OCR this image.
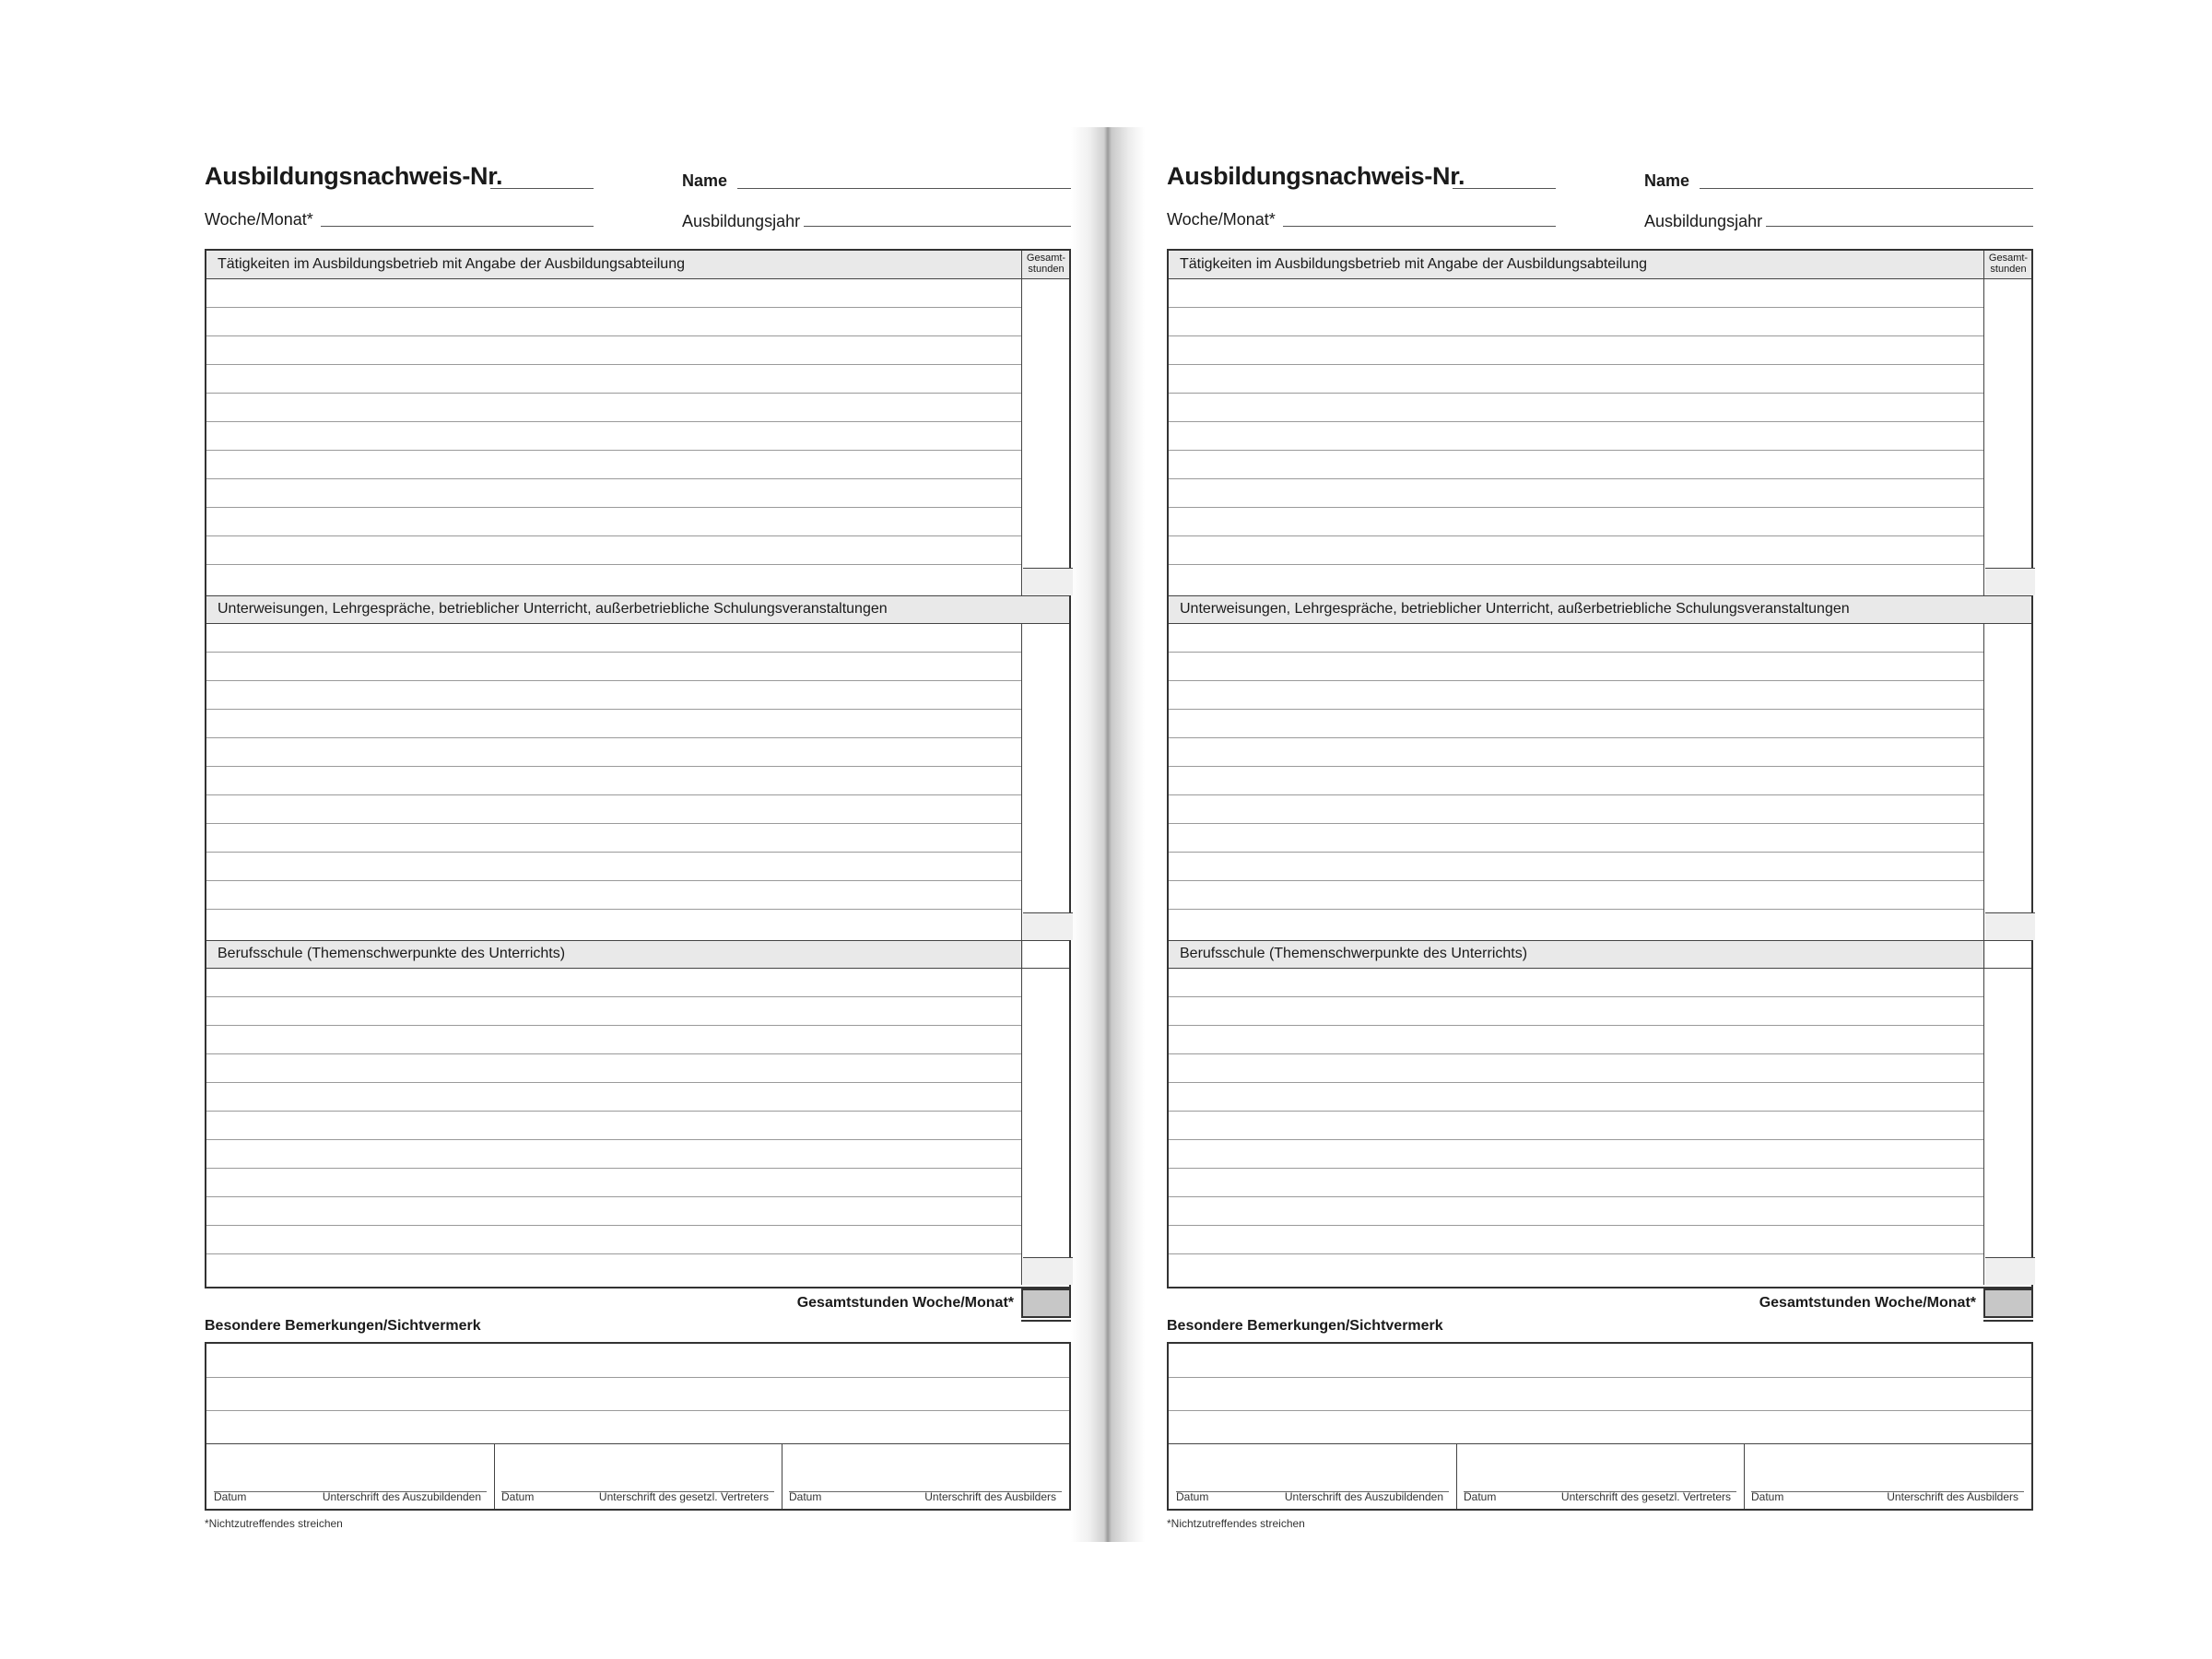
Ausbildungsnachweis-Nr.	Name
Woche/Monat*	Ausbildungsjahr
Tätigkeiten im Ausbildungsbetrieb mit Angabe der Ausbildungsabteilung	Gesamt-
stunden
Unterweisungen, Lehrgespräche, betrieblicher Unterricht, außerbetriebliche Schulungsveranstaltungen
Berufsschule (Themenschwerpunkte des Unterrichts)
Gesamtstunden Woche/Monat*
Besondere Bemerkungen/Sichtvermerk
Datum	Unterschrift des Auszubildenden Datum	Unterschrift des gesetzl. Vertreters Datum	Unterschrift des Ausbilders
*Nichtzutreffendes streichen
Ausbildungsnachweis-Nr.	Name
Woche/Monat*	Ausbildungsjahr
Tätigkeiten im Ausbildungsbetrieb mit Angabe der Ausbildungsabteilung	Gesamt-
stunden
Unterweisungen, Lehrgespräche, betrieblicher Unterricht, außerbetriebliche Schulungsveranstaltungen
Berufsschule (Themenschwerpunkte des Unterrichts)
Gesamtstunden Woche/Monat*
Besondere Bemerkungen/Sichtvermerk
Datum	Unterschrift des Auszubildenden Datum	Unterschrift des gesetzl. Vertreters Datum	Unterschrift des Ausbilders
*Nichtzutreffendes streichen
